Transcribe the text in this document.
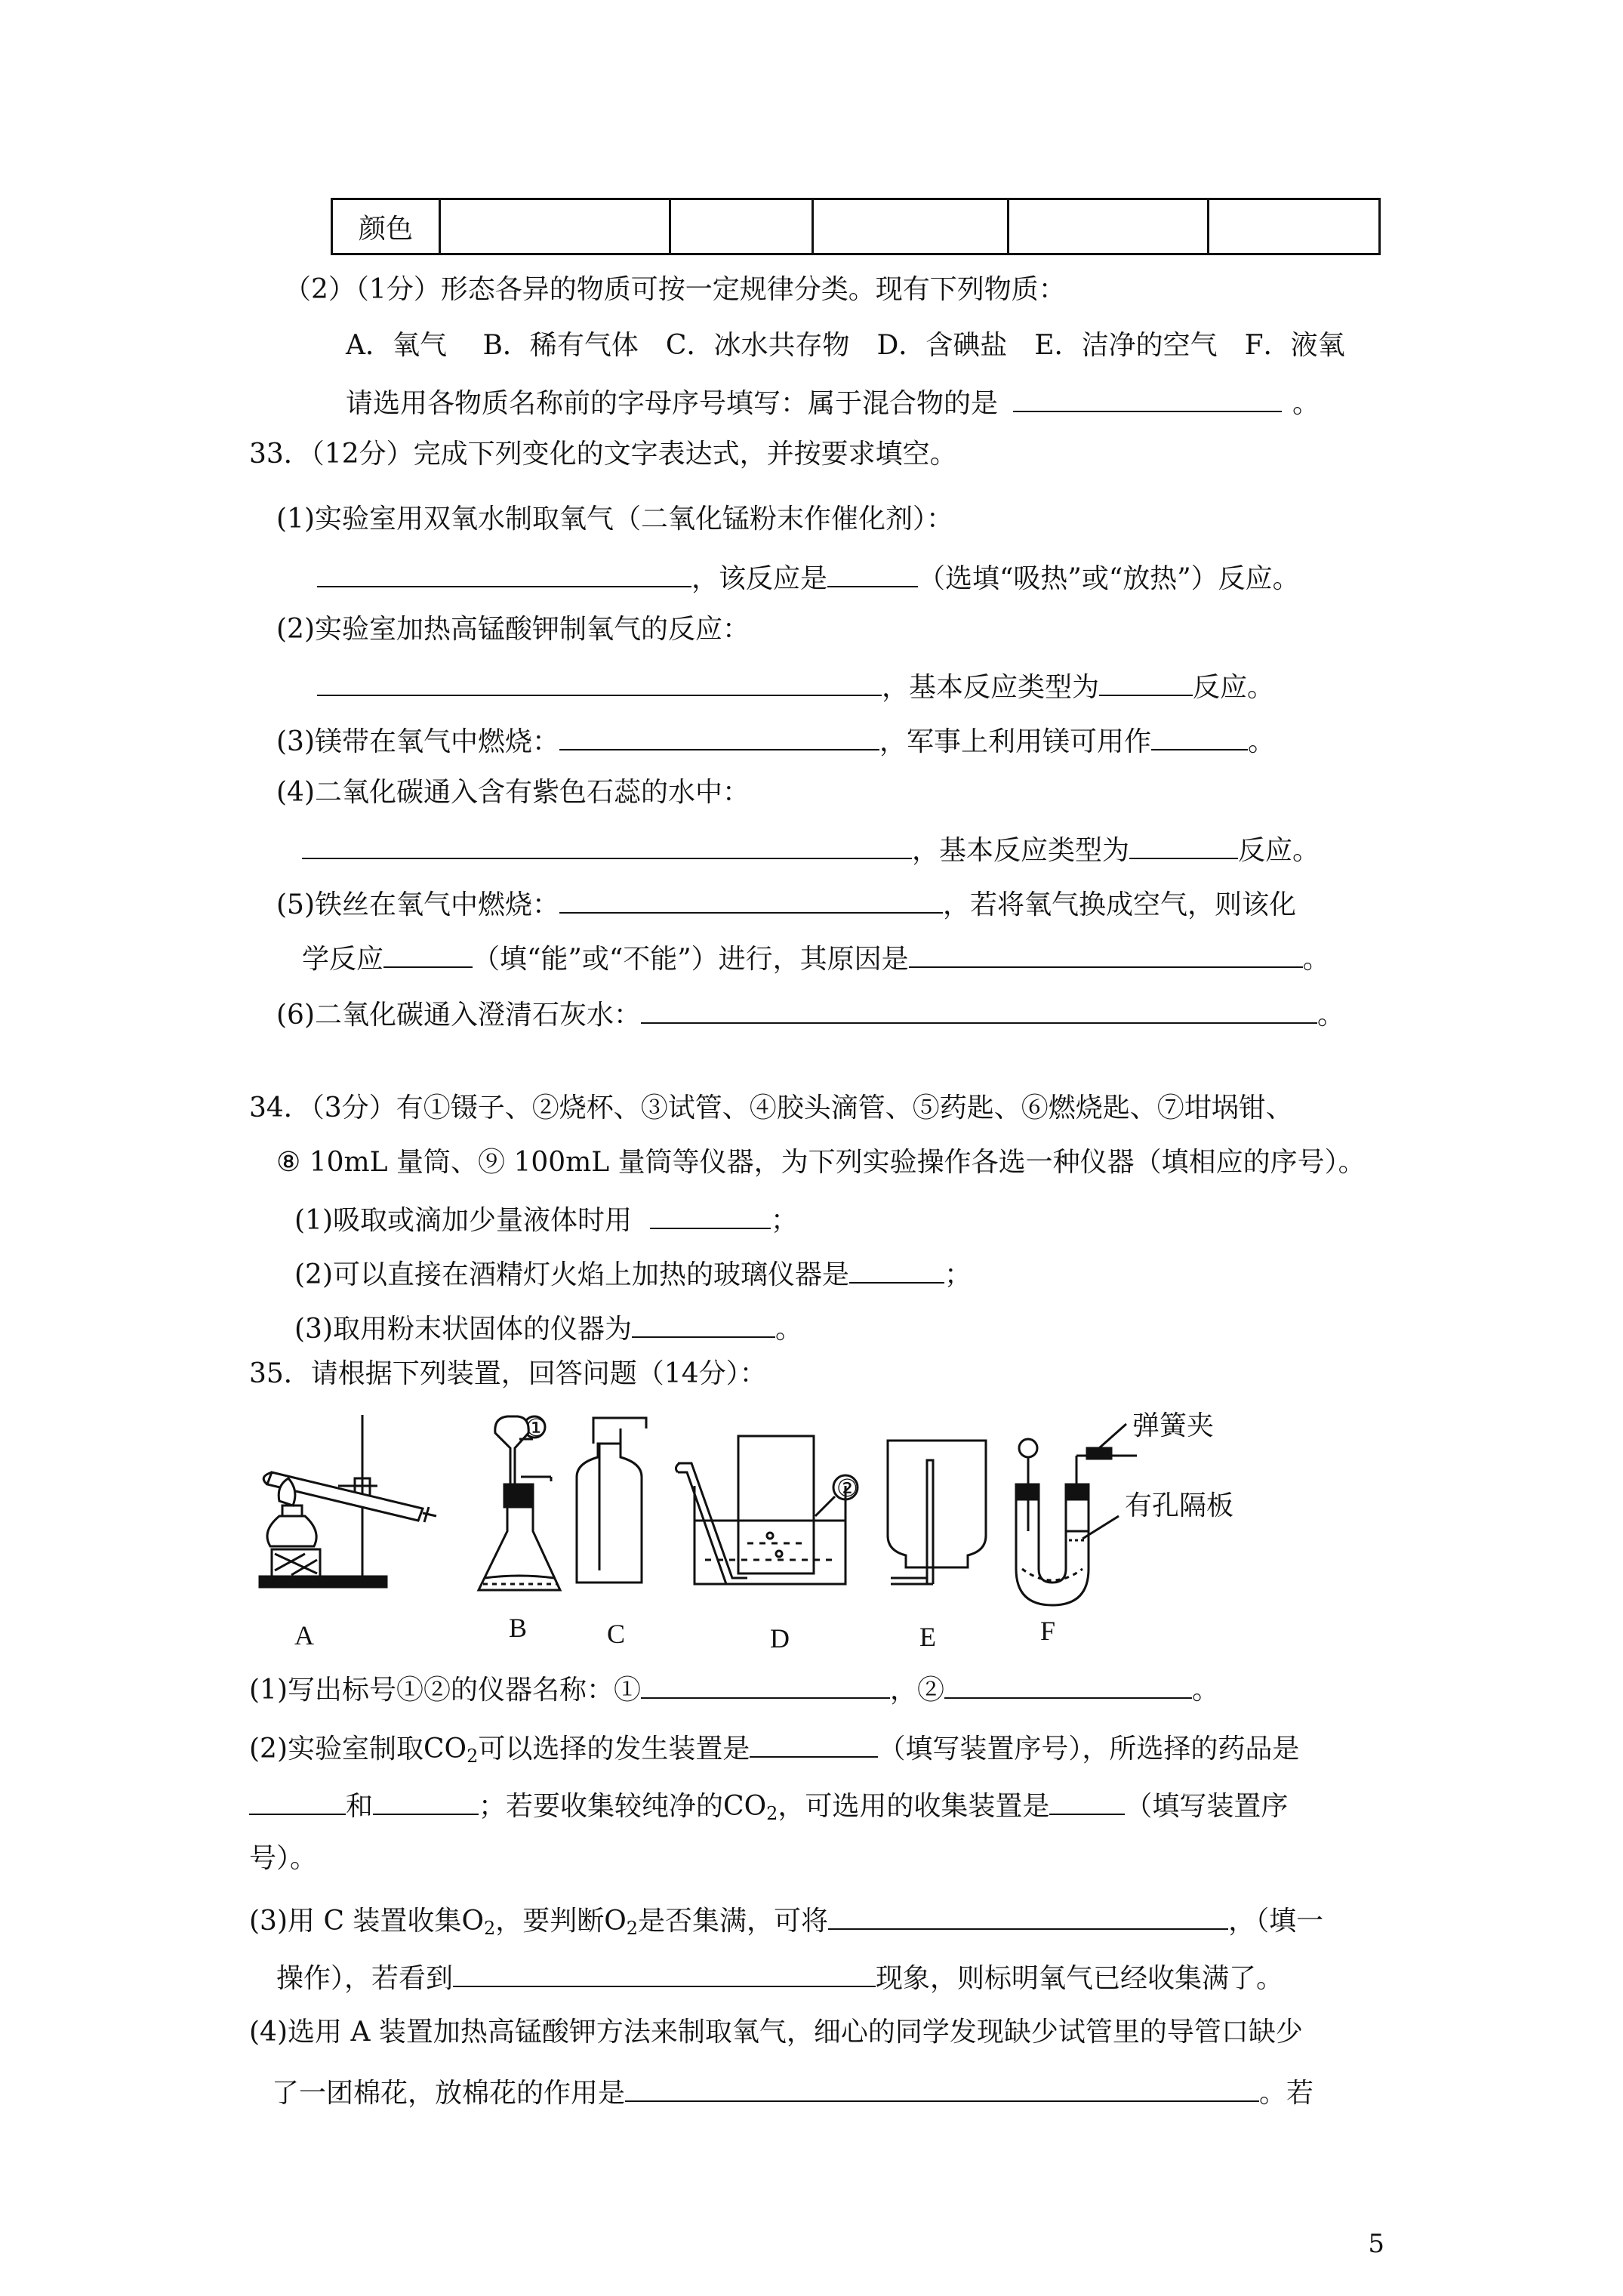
颜色					
（2）（1分）形态各异的物质可按一定规律分类。现有下列物质：
A．氧气　 B．稀有气体　C．冰水共存物　D．含碘盐　E．洁净的空气　F．液氧
请选用各物质名称前的字母序号填写：属于混合物的是	。
33．（12分）完成下列变化的文字表达式，并按要求填空。
(1)实验室用双氧水制取氧气（二氧化锰粉末作催化剂）：
，该反应是	（选填“吸热”或“放热”）反应。
(2)实验室加热高锰酸钾制氧气的反应：
，基本反应类型为	反应。
(3)镁带在氧气中燃烧：	，军事上利用镁可用作	。
(4)二氧化碳通入含有紫色石蕊的水中：
，基本反应类型为	反应。
(5)铁丝在氧气中燃烧：	，若将氧气换成空气，则该化
学反应	（填“能”或“不能”）进行，其原因是	。
(6)二氧化碳通入澄清石灰水：	。
34．（3分）有①镊子、②烧杯、③试管、④胶头滴管、⑤药匙、⑥燃烧匙、⑦坩埚钳、
⑧ 10mL 量筒、⑨ 100mL 量筒等仪器，为下列实验操作各选一种仪器（填相应的序号）。
(1)吸取或滴加少量液体时用	；
(2)可以直接在酒精灯火焰上加热的玻璃仪器是	；
(3)取用粉末状固体的仪器为	。
35．请根据下列装置，回答问题（14分）：
A	B	C	D	E	F
①
②
弹簧夹
有孔隔板
(1)写出标号①②的仪器名称：①	，②	。
(2)实验室制取$CO_2$可以选择的发生装置是	（填写装置序号），所选择的药品是
和	；若要收集较纯净的$CO_2$，可选用的收集装置是	（填写装置序
号）。
(3)用 C 装置收集$O_2$，要判断$O_2$是否集满，可将	，（填一
操作），若看到	现象，则标明氧气已经收集满了。
(4)选用 A 装置加热高锰酸钾方法来制取氧气，细心的同学发现缺少试管里的导管口缺少
了一团棉花，放棉花的作用是	。若
5
